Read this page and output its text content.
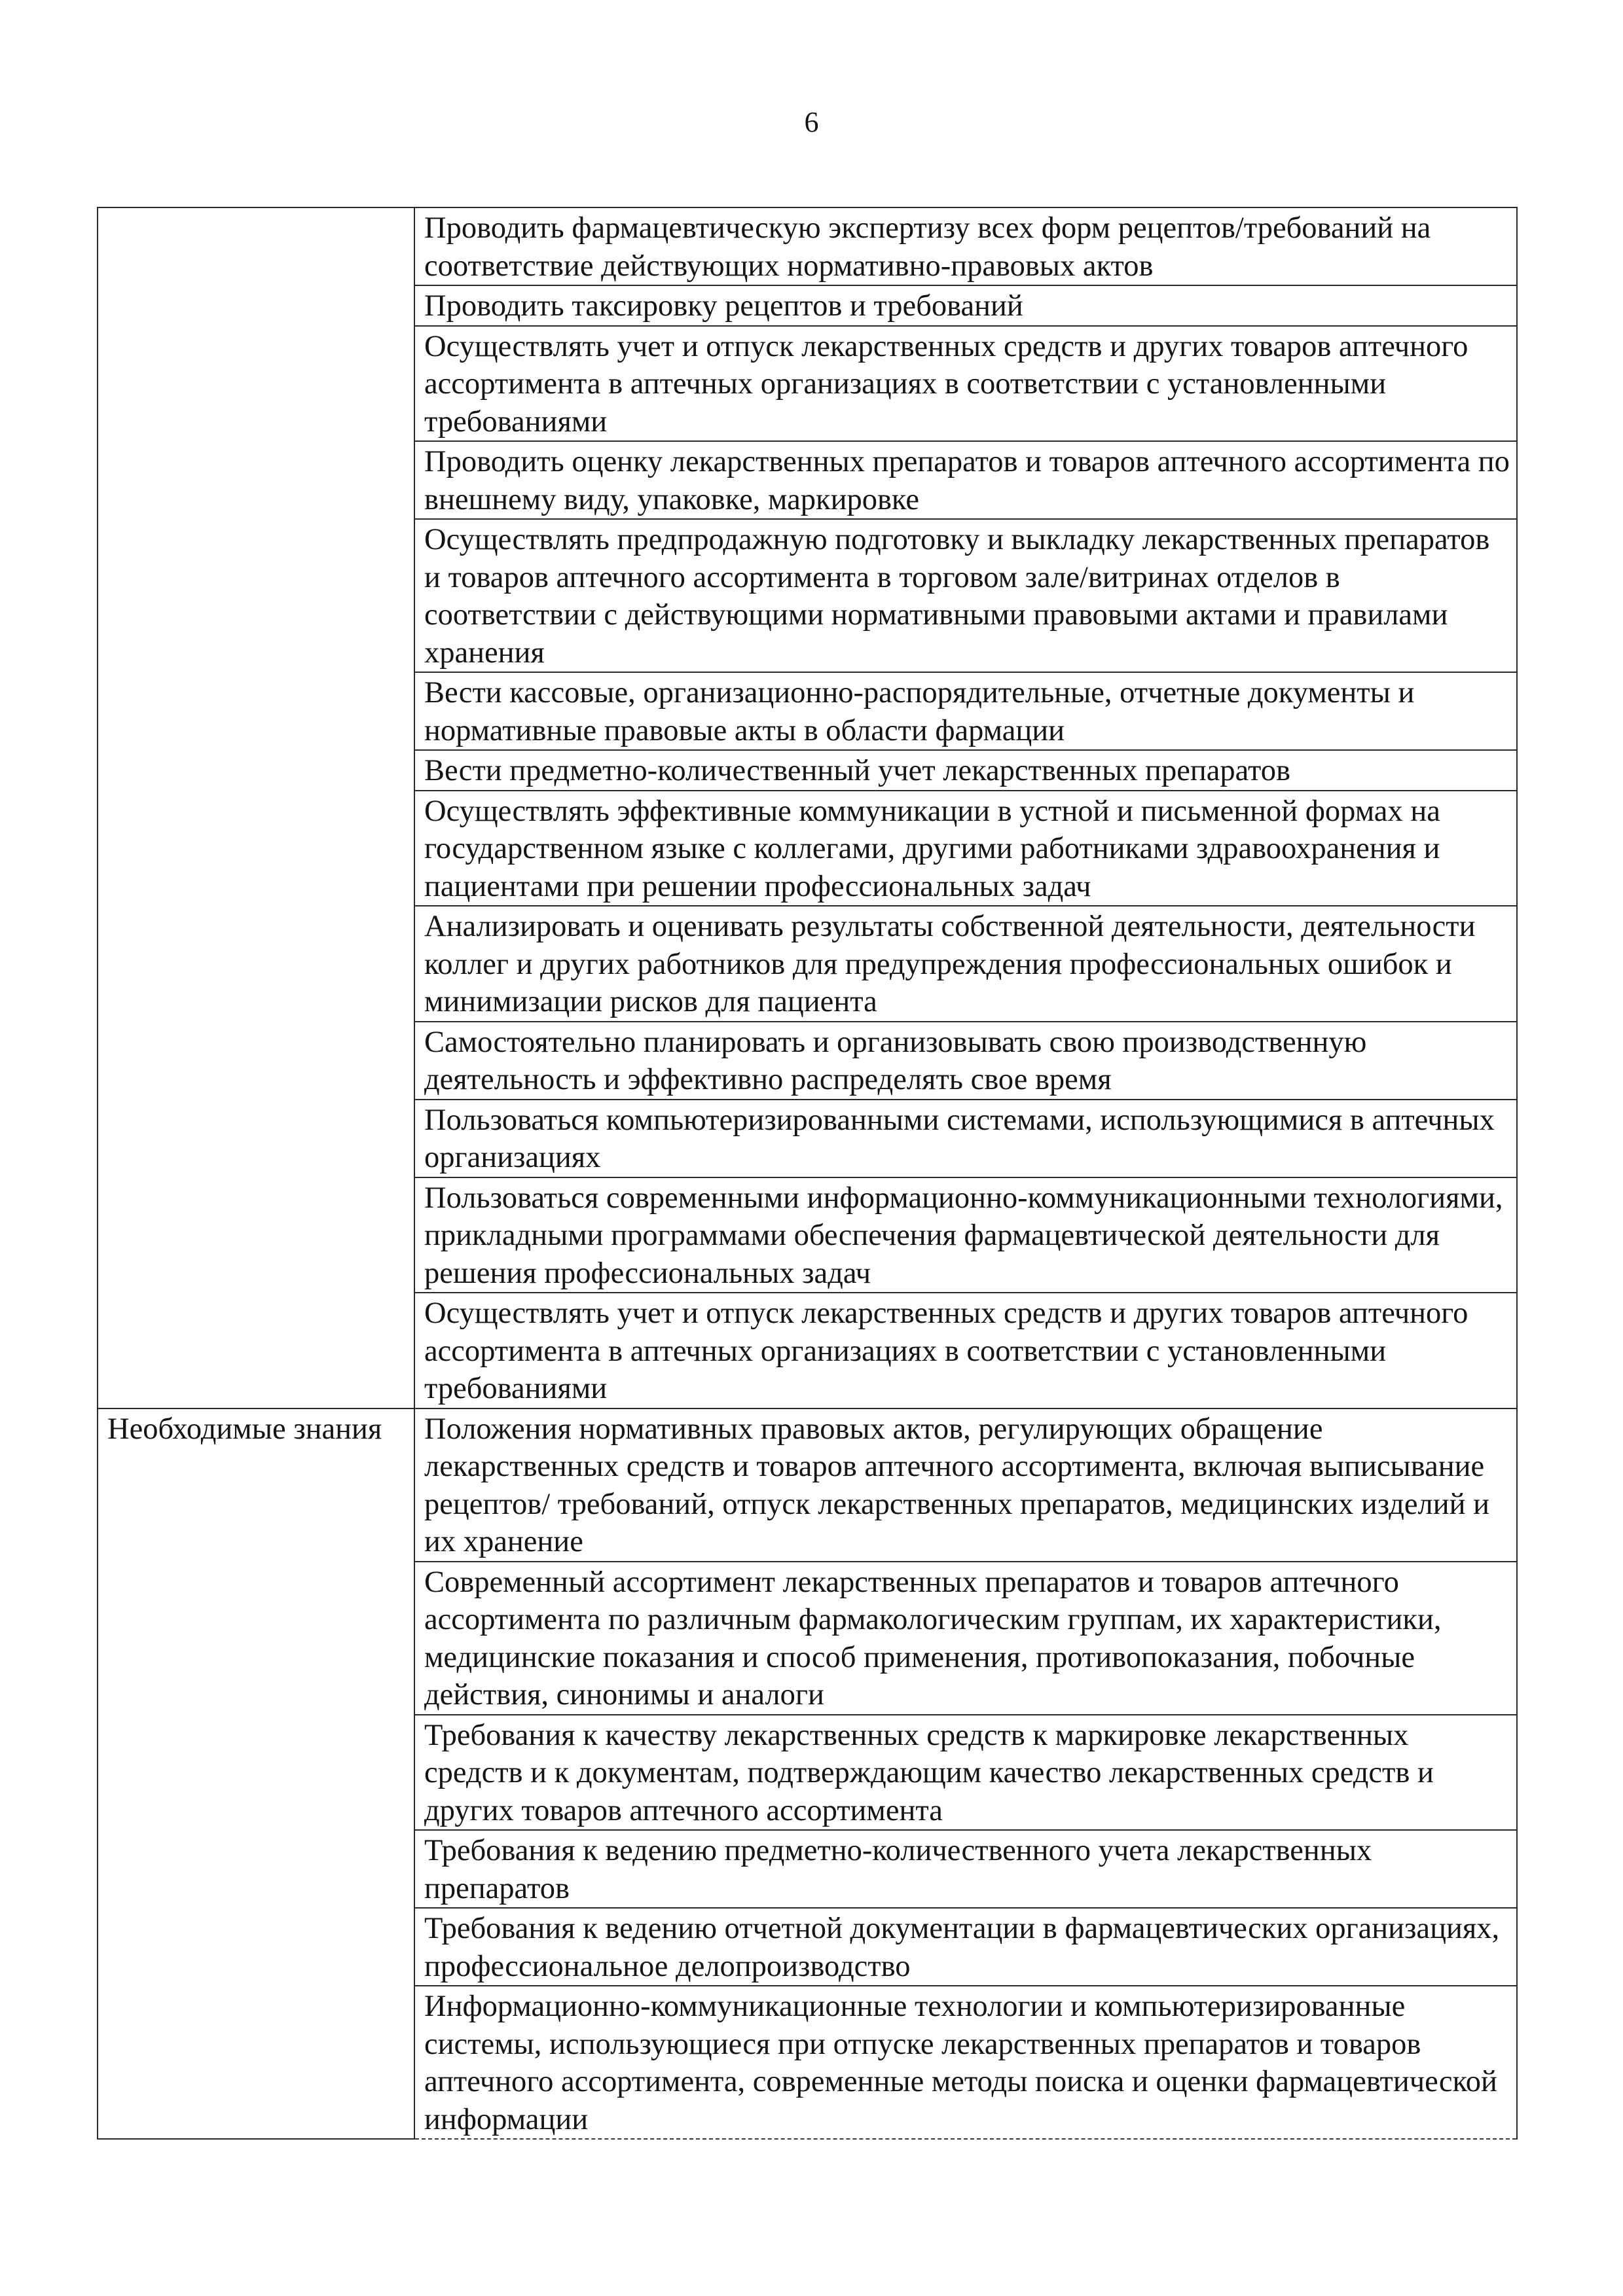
6
	Проводить фармацевтическую экспертизу всех форм рецептов/требований на соответствие действующих нормативно-правовых актов
	Проводить таксировку рецептов и требований
	Осуществлять учет и отпуск лекарственных средств и других товаров аптечного ассортимента в аптечных организациях в соответствии с установленными требованиями
	Проводить оценку лекарственных препаратов и товаров аптечного ассортимента по внешнему виду, упаковке, маркировке
	Осуществлять предпродажную подготовку и выкладку лекарственных препаратов и товаров аптечного ассортимента в торговом зале/витринах отделов в соответствии с действующими нормативными правовыми актами и правилами хранения
	Вести кассовые, организационно-распорядительные, отчетные документы и нормативные правовые акты в области фармации
	Вести предметно-количественный учет лекарственных препаратов
	Осуществлять эффективные коммуникации в устной и письменной формах на государственном языке с коллегами, другими работниками здравоохранения и пациентами при решении профессиональных задач
	Анализировать и оценивать результаты собственной деятельности, деятельности коллег и других работников для предупреждения профессиональных ошибок и минимизации рисков для пациента
	Самостоятельно планировать и организовывать свою производственную деятельность и эффективно распределять свое время
	Пользоваться компьютеризированными системами, использующимися в аптечных организациях
	Пользоваться современными информационно-коммуникационными технологиями, прикладными программами обеспечения фармацевтической деятельности для решения профессиональных задач
	Осуществлять учет и отпуск лекарственных средств и других товаров аптечного ассортимента в аптечных организациях в соответствии с установленными требованиями
Необходимые знания	Положения нормативных правовых актов, регулирующих обращение лекарственных средств и товаров аптечного ассортимента, включая выписывание рецептов/ требований, отпуск лекарственных препаратов, медицинских изделий и их хранение
	Современный ассортимент лекарственных препаратов и товаров аптечного ассортимента по различным фармакологическим группам, их характеристики, медицинские показания и способ применения, противопоказания, побочные действия, синонимы и аналоги
	Требования к качеству лекарственных средств к маркировке лекарственных средств и к документам, подтверждающим качество лекарственных средств и других товаров аптечного ассортимента
	Требования к ведению предметно-количественного учета лекарственных препаратов
	Требования к ведению отчетной документации в фармацевтических организациях, профессиональное делопроизводство
	Информационно-коммуникационные технологии и компьютеризированные системы, использующиеся при отпуске лекарственных препаратов и товаров аптечного ассортимента, современные методы поиска и оценки фармацевтической информации
